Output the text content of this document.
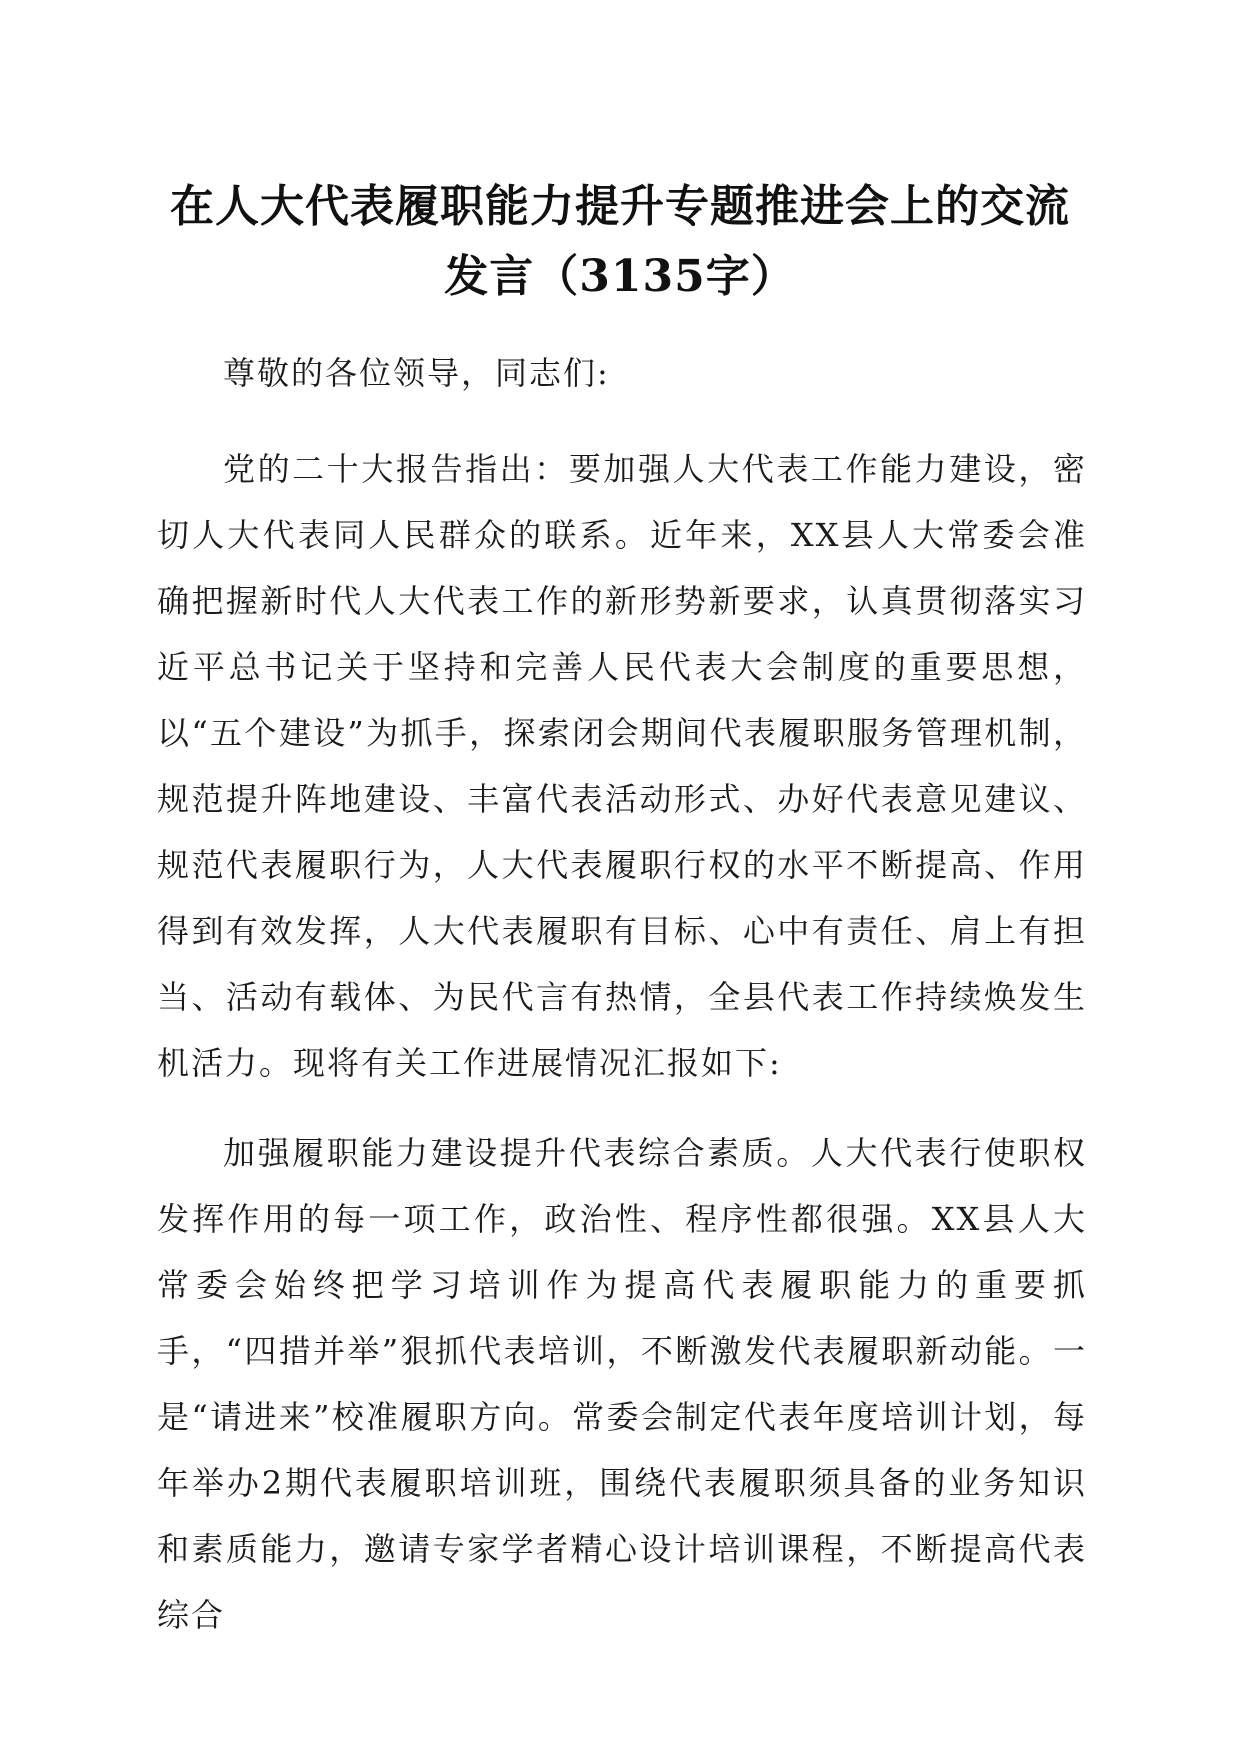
在人大代表履职能力提升专题推进会上的交流
发言（3135字）

尊敬的各位领导，同志们:

党的二十大报告指出：要加强人大代表工作能力建设，密切人大代表同人民群众的联系。近年来，XX县人大常委会准确把握新时代人大代表工作的新形势新要求，认真贯彻落实习近平总书记关于坚持和完善人民代表大会制度的重要思想，以“五个建设”为抓手，探索闭会期间代表履职服务管理机制，规范提升阵地建设、丰富代表活动形式、办好代表意见建议、规范代表履职行为，人大代表履职行权的水平不断提高、作用得到有效发挥，人大代表履职有目标、心中有责任、肩上有担当、活动有载体、为民代言有热情，全县代表工作持续焕发生机活力。现将有关工作进展情况汇报如下:

加强履职能力建设提升代表综合素质。人大代表行使职权发挥作用的每一项工作，政治性、程序性都很强。XX县人大常委会始终把学习培训作为提高代表履职能力的重要抓手，“四措并举”狠抓代表培训，不断激发代表履职新动能。一是“请进来”校准履职方向。常委会制定代表年度培训计划，每年举办2期代表履职培训班，围绕代表履职须具备的业务知识和素质能力，邀请专家学者精心设计培训课程，不断提高代表综合
